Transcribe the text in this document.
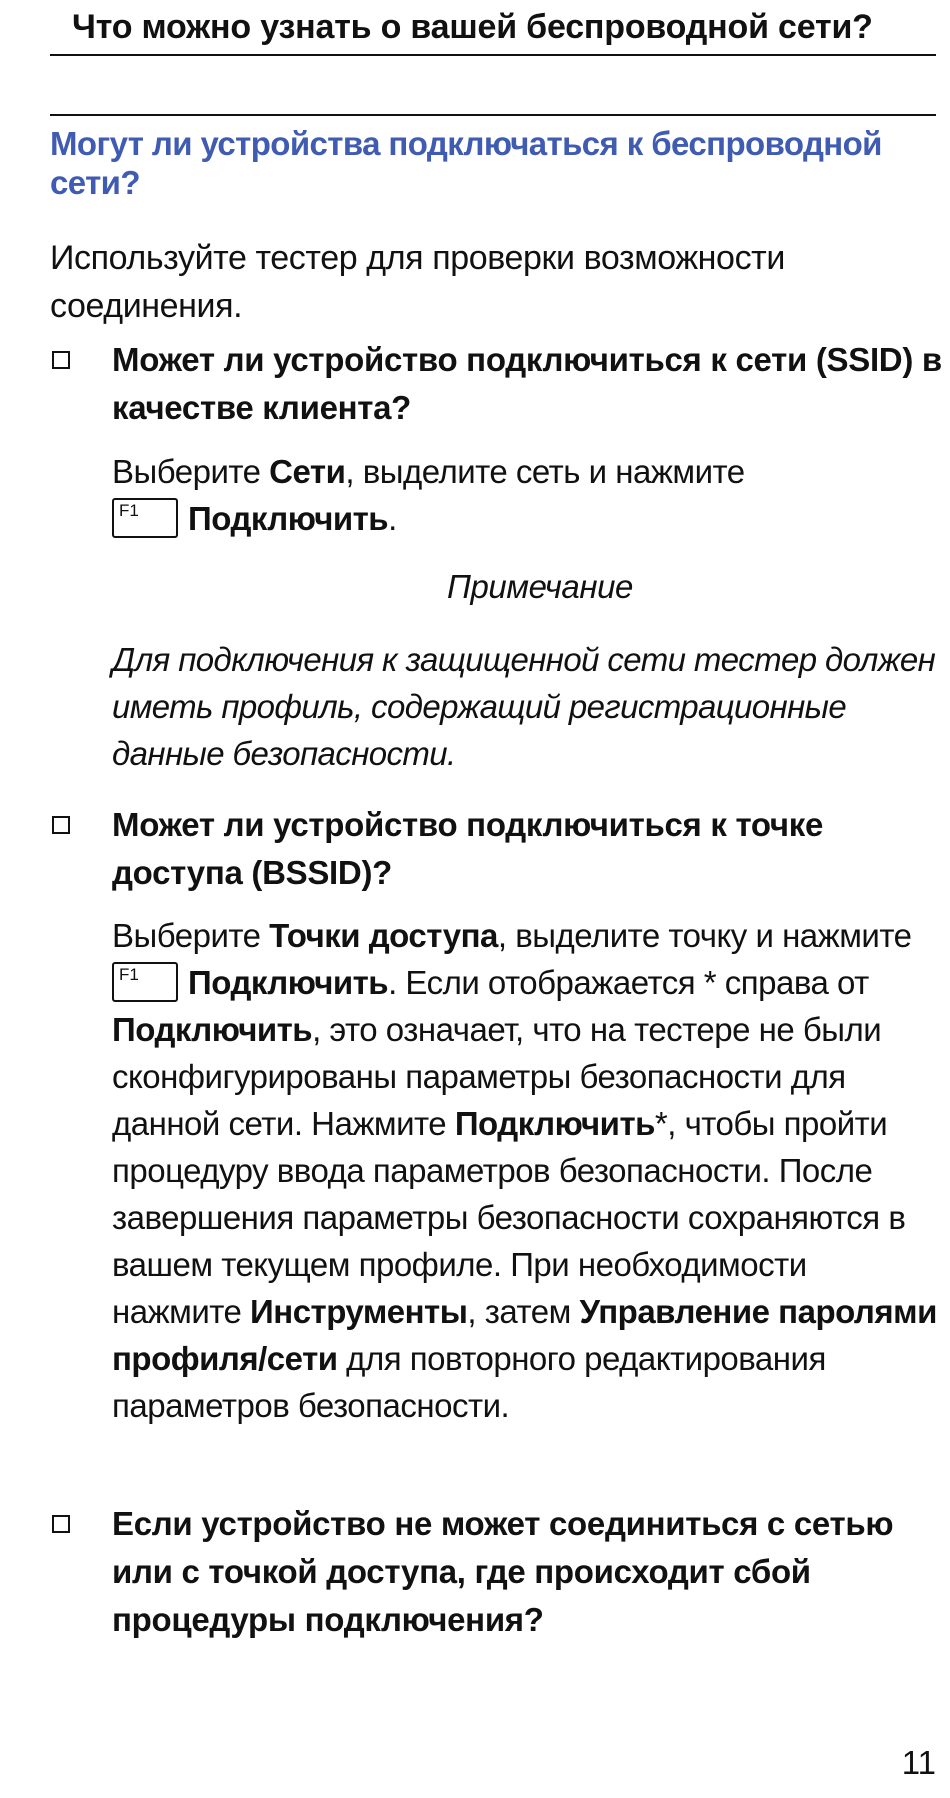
Что можно узнать о вашей беспроводной сети?
Могут ли устройства подключаться к беспроводной сети?
Используйте тестер для проверки возможности соединения.
Может ли устройство подключиться к сети (SSID) в качестве клиента?
Выберите Сети, выделите сеть и нажмите

F1 Подключить.
Примечание
Для подключения к защищенной сети тестер должен иметь профиль, содержащий регистрационные данные безопасности.
Может ли устройство подключиться к точке доступа (BSSID)?
Выберите Точки доступа, выделите точку и нажмите
F1 Подключить. Если отображается * справа от Подключить, это означает, что на тестере не были сконфигурированы параметры безопасности для данной сети. Нажмите Подключить*, чтобы пройти процедуру ввода параметров безопасности. После завершения параметры безопасности сохраняются в вашем текущем профиле. При необходимости нажмите Инструменты, затем Управление паролями профиля/сети для повторного редактирования параметров безопасности.
Если устройство не может соединиться с сетью или с точкой доступа, где происходит сбой процедуры подключения?
11
